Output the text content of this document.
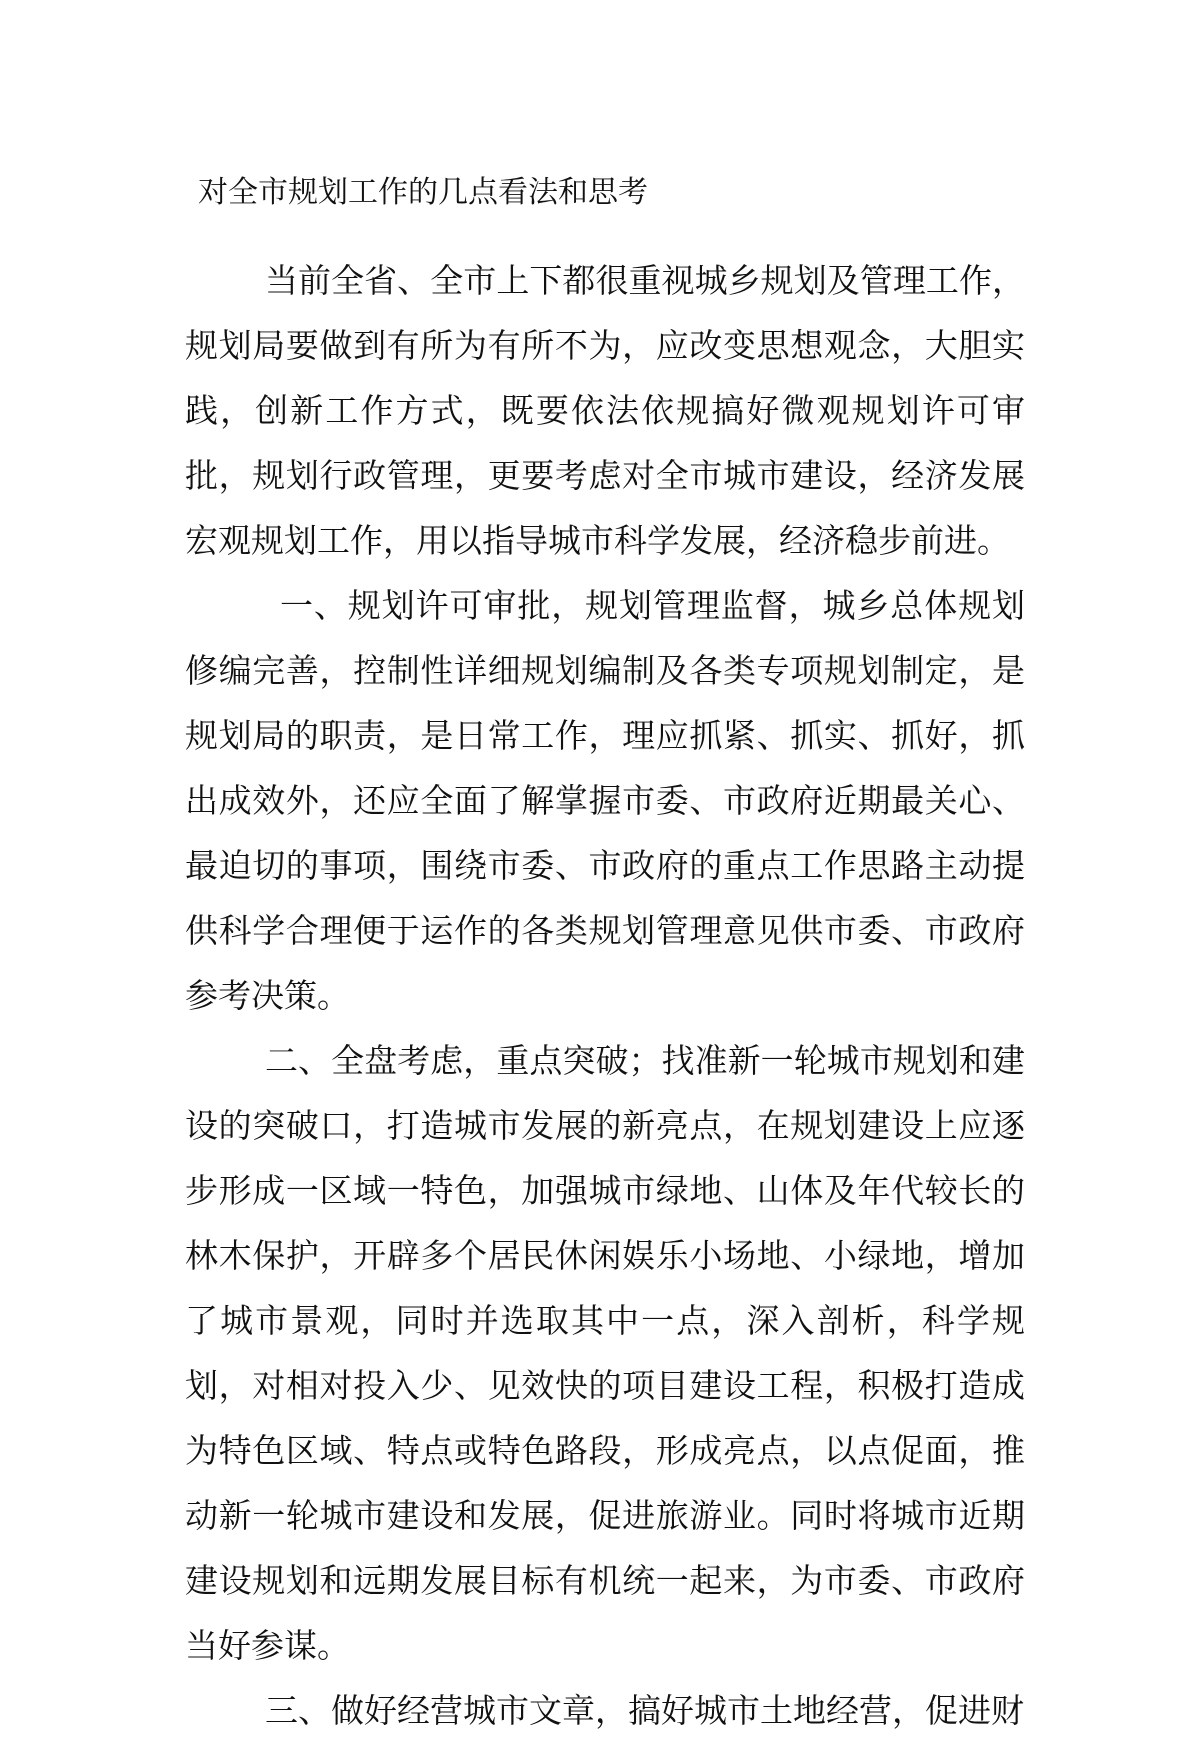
对全市规划工作的几点看法和思考

当前全省、全市上下都很重视城乡规划及管理工作，规划局要做到有所为有所不为，应改变思想观念，大胆实践，创新工作方式，既要依法依规搞好微观规划许可审批，规划行政管理，更要考虑对全市城市建设，经济发展宏观规划工作，用以指导城市科学发展，经济稳步前进。

一、规划许可审批，规划管理监督，城乡总体规划修编完善，控制性详细规划编制及各类专项规划制定，是规划局的职责，是日常工作，理应抓紧、抓实、抓好，抓出成效外，还应全面了解掌握市委、市政府近期最关心、最迫切的事项，围绕市委、市政府的重点工作思路主动提供科学合理便于运作的各类规划管理意见供市委、市政府参考决策。

二、全盘考虑，重点突破；找准新一轮城市规划和建设的突破口，打造城市发展的新亮点，在规划建设上应逐步形成一区域一特色，加强城市绿地、山体及年代较长的林木保护，开辟多个居民休闲娱乐小场地、小绿地，增加了城市景观，同时并选取其中一点，深入剖析，科学规划，对相对投入少、见效快的项目建设工程，积极打造成为特色区域、特点或特色路段，形成亮点，以点促面，推动新一轮城市建设和发展，促进旅游业。同时将城市近期建设规划和远期发展目标有机统一起来，为市委、市政府当好参谋。

三、做好经营城市文章，搞好城市土地经营，促进财
